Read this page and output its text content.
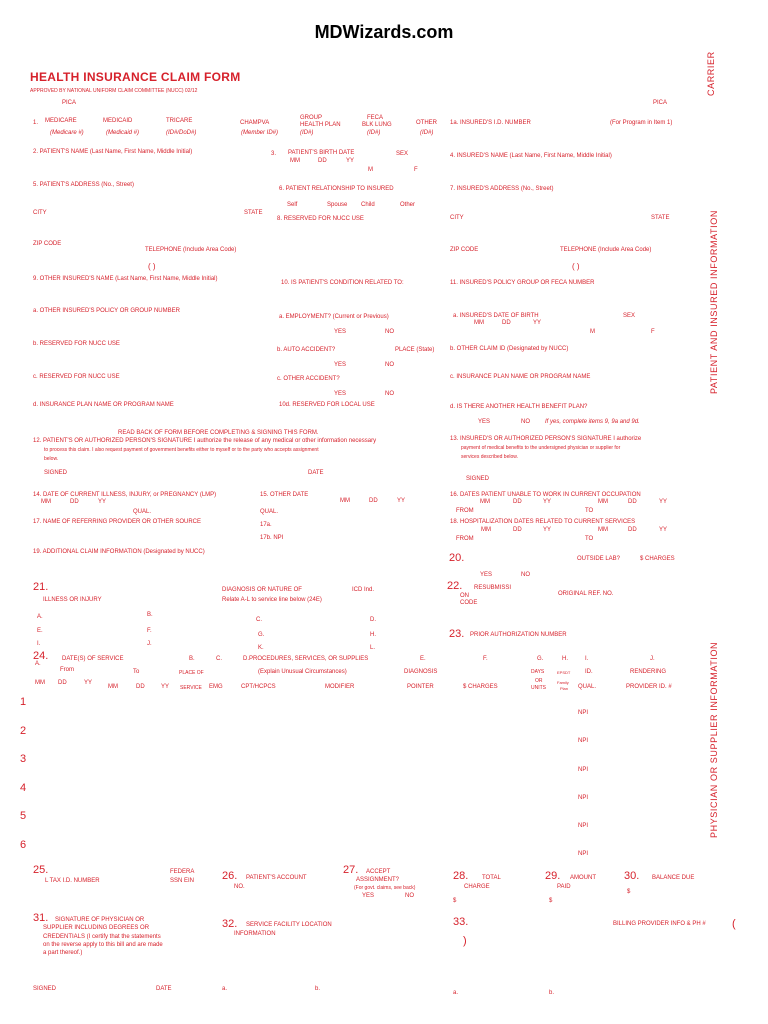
MDWizards.com
HEALTH INSURANCE CLAIM FORM
APPROVED BY NATIONAL UNIFORM CLAIM COMMITTEE (NUCC) 02/12
PICA	PICA
CARRIER
PATIENT AND INSURED INFORMATION
PHYSICIAN OR SUPPLIER INFORMATION
1. MEDICARE
(Medicare #)
MEDICAID
(Medicaid #)
TRICARE
(ID#/DoD#)
CHAMPVA
(Member ID#)
GROUP
HEALTH PLAN
(ID#)
FECA
BLK LUNG
(ID#)
OTHER
(ID#)
1a. INSURED'S I.D. NUMBER	(For Program in Item 1)
2. PATIENT'S NAME (Last Name, First Name, Middle Initial)	3. PATIENT'S BIRTH DATE
MM	DD	YY
SEX
M	F
4. INSURED'S NAME (Last Name, First Name, Middle Initial)
5. PATIENT'S ADDRESS (No., Street)
6. PATIENT RELATIONSHIP TO INSURED
Self	Spouse Child	Other
7. INSURED'S ADDRESS (No., Street)
CITY	STATE
8. RESERVED FOR NUCC USE	CITY	STATE
ZIP CODE
TELEPHONE (Include Area Code)
( )
ZIP CODE	TELEPHONE (Include Area Code)
( )
9. OTHER INSURED'S NAME (Last Name, First Name, Middle Initial)
10. IS PATIENT'S CONDITION RELATED TO:	11. INSURED'S POLICY GROUP OR FECA NUMBER
a. OTHER INSURED'S POLICY OR GROUP NUMBER
a. EMPLOYMENT? (Current or Previous)
YES	NO
a. INSURED'S DATE OF BIRTH
MM	DD	YY
SEX
M	F
b. RESERVED FOR NUCC USE
b. AUTO ACCIDENT?	PLACE (State)
YES	NO
b. OTHER CLAIM ID (Designated by NUCC)
c. RESERVED FOR NUCC USE	c. OTHER ACCIDENT?
YES	NO
c. INSURANCE PLAN NAME OR PROGRAM NAME
d. INSURANCE PLAN NAME OR PROGRAM NAME	10d. RESERVED FOR LOCAL USE	d. IS THERE ANOTHER HEALTH BENEFIT PLAN?
YES	NO	If yes, complete items 9, 9a and 9d.
READ BACK OF FORM BEFORE COMPLETING & SIGNING THIS FORM.
12. PATIENT'S OR AUTHORIZED PERSON'S SIGNATURE I authorize the release of any medical or other information necessary
to process this claim. I also request payment of government benefits either to myself or to the party who accepts assignment
below.
SIGNED	DATE
13. INSURED'S OR AUTHORIZED PERSON'S SIGNATURE I authorize
payment of medical benefits to the undersigned physician or supplier for
services described below.
SIGNED
14. DATE OF CURRENT ILLNESS, INJURY, or PREGNANCY (LMP)
MM	DD	YY
QUAL.
15. OTHER DATE
QUAL.
MM	DD	YY
16. DATES PATIENT UNABLE TO WORK IN CURRENT OCCUPATION
MM	DD	YY	MM	DD	YY
FROM	TO
17. NAME OF REFERRING PROVIDER OR OTHER SOURCE	17a.
17b. NPI
18. HOSPITALIZATION DATES RELATED TO CURRENT SERVICES
MM	DD	YY	MM	DD	YY
FROM	TO
19. ADDITIONAL CLAIM INFORMATION (Designated by NUCC)	20.	OUTSIDE LAB?	$ CHARGES
YES	NO
21.
ILLNESS OR INJURY
DIAGNOSIS OR NATURE OF
Relate A-L to service line below (24E)
ICD Ind.
A.	B.
C.	D.
E.	F.
G.	H.
I.	J.
K.	L.
22. RESUBMISSI
ON
CODE
ORIGINAL REF. NO.
23. PRIOR AUTHORIZATION NUMBER
24.
A.
DATE(S) OF SERVICE
From	To
MM DD	YY
MM	DD	YY
B.
PLACE OF
SERVICE
C.
EMG
D.PROCEDURES, SERVICES, OR SUPPLIES
(Explain Unusual Circumstances)
CPT/HCPCS	MODIFIER
E.
DIAGNOSIS
POINTER
F.
$ CHARGES
G.
DAYS
OR
UNITS
H.
EPSDT
Family
Plan
I.
ID.
QUAL.
J.
RENDERING
PROVIDER ID. #
1
2
3
4
5
6
NPI
NPI
NPI
NPI
NPI
NPI
25.	FEDERA
SSN EIN
L TAX I.D. NUMBER	26. PATIENT'S ACCOUNT
NO.
27. ACCEPT
ASSIGNMENT?
(For govt. claims, see back)
YES	NO
28. TOTAL
CHARGE
$
29. AMOUNT
PAID
$
30. BALANCE DUE
$
31. SIGNATURE OF PHYSICIAN OR
SUPPLIER INCLUDING DEGREES OR
CREDENTIALS (I certify that the statements
on the reverse apply to this bill and are made
a part thereof.)
SIGNED	DATE
32. SERVICE FACILITY LOCATION
INFORMATION
a.	b.
33.	BILLING PROVIDER INFO & PH # (
)
a.	b.
